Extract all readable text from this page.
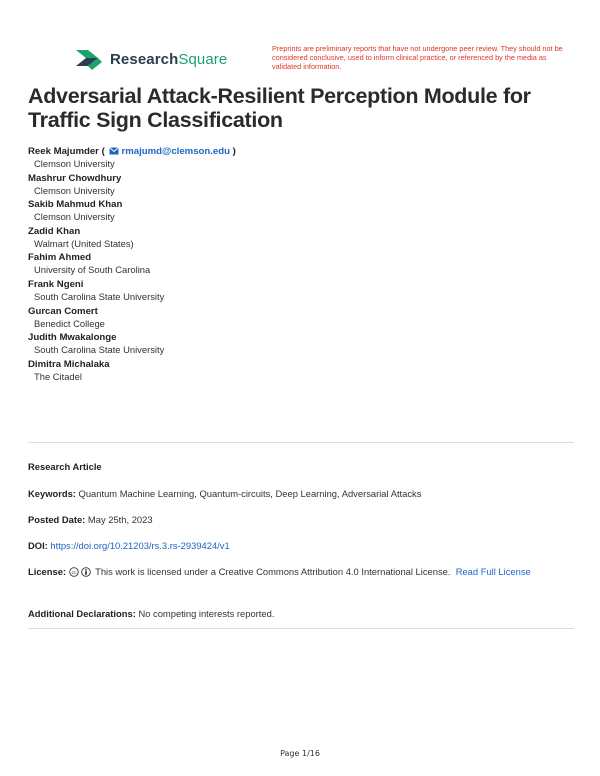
ResearchSquare
Preprints are preliminary reports that have not undergone peer review. They should not be considered conclusive, used to inform clinical practice, or referenced by the media as validated information.
Adversarial Attack-Resilient Perception Module for Traffic Sign Classification
Reek Majumder ( rmajumd@clemson.edu )
Clemson University
Mashrur Chowdhury
Clemson University
Sakib Mahmud Khan
Clemson University
Zadid Khan
Walmart (United States)
Fahim Ahmed
University of South Carolina
Frank Ngeni
South Carolina State University
Gurcan Comert
Benedict College
Judith Mwakalonge
South Carolina State University
Dimitra Michalaka
The Citadel
Research Article
Keywords: Quantum Machine Learning, Quantum-circuits, Deep Learning, Adversarial Attacks
Posted Date: May 25th, 2023
DOI: https://doi.org/10.21203/rs.3.rs-2939424/v1
License: cc This work is licensed under a Creative Commons Attribution 4.0 International License. Read Full License
Additional Declarations: No competing interests reported.
Page 1/16
